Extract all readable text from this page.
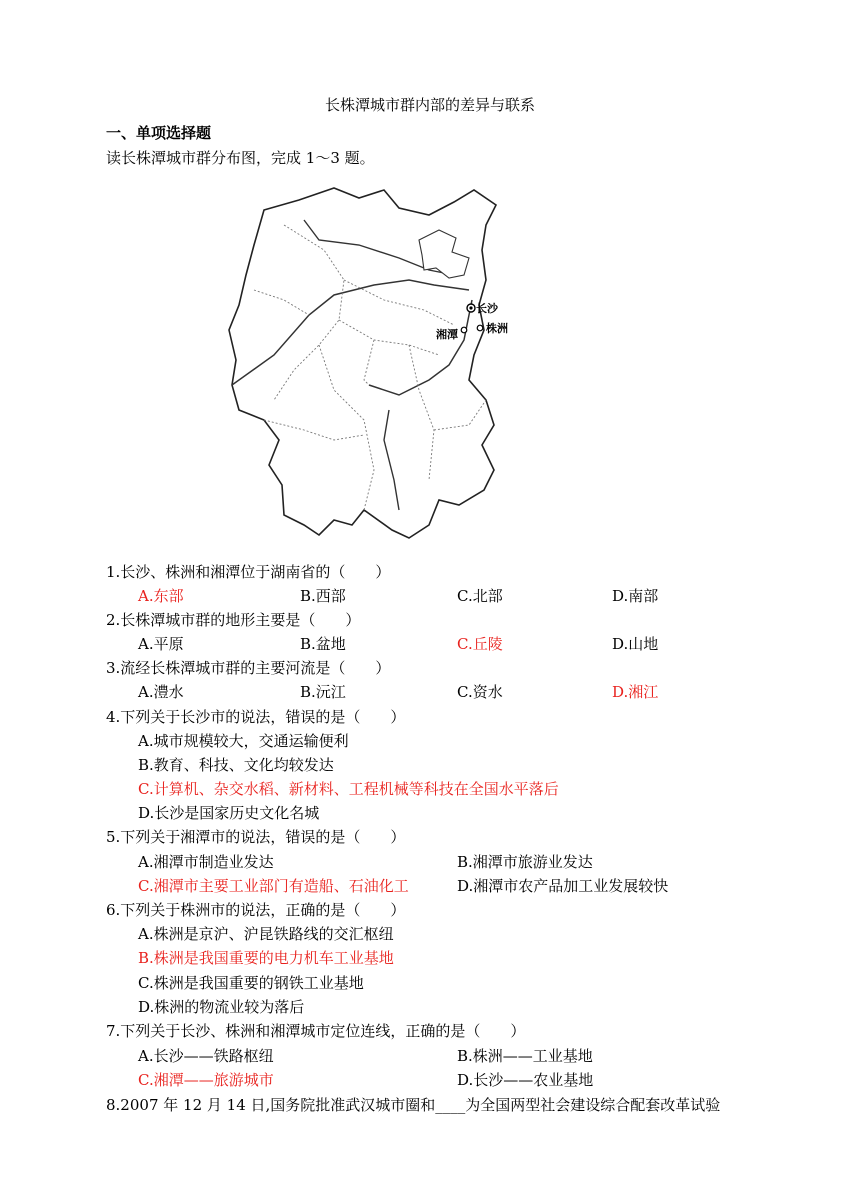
长株潭城市群内部的差异与联系
一、单项选择题
读长株潭城市群分布图，完成 1～3 题。
长沙
湘潭	株洲
1.长沙、株洲和湘潭位于湖南省的（　　）
A.东部	B.西部	C.北部	D.南部
2.长株潭城市群的地形主要是（　　）
A.平原	B.盆地	C.丘陵	D.山地
3.流经长株潭城市群的主要河流是（　　）
A.澧水	B.沅江	C.资水	D.湘江
4.下列关于长沙市的说法，错误的是（　　）
A.城市规模较大，交通运输便利
B.教育、科技、文化均较发达
C.计算机、杂交水稻、新材料、工程机械等科技在全国水平落后
D.长沙是国家历史文化名城
5.下列关于湘潭市的说法，错误的是（　　）
A.湘潭市制造业发达	B.湘潭市旅游业发达
C.湘潭市主要工业部门有造船、石油化工	D.湘潭市农产品加工业发展较快
6.下列关于株洲市的说法，正确的是（　　）
A.株洲是京沪、沪昆铁路线的交汇枢纽
B.株洲是我国重要的电力机车工业基地
C.株洲是我国重要的钢铁工业基地
D.株洲的物流业较为落后
7.下列关于长沙、株洲和湘潭城市定位连线，正确的是（　　）
A.长沙——铁路枢纽	B.株洲——工业基地
C.湘潭——旅游城市	D.长沙——农业基地
8.2007 年 12 月 14 日,国务院批准武汉城市圈和____为全国两型社会建设综合配套改革试验
